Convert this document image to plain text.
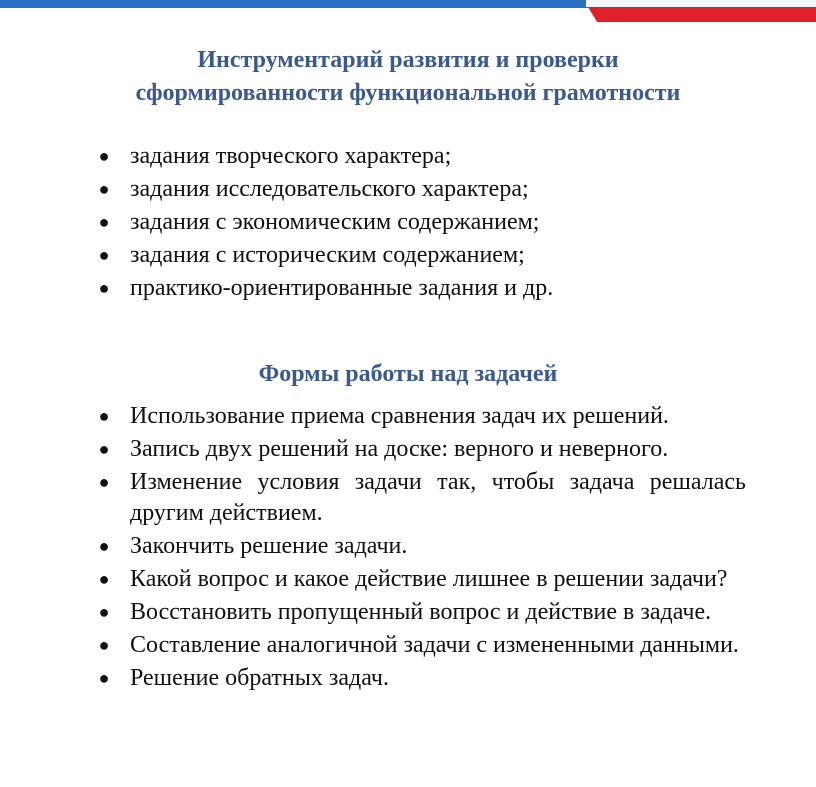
Инструментарий развития и проверки
сформированности функциональной грамотности
● задания творческого характера;
● задания исследовательского характера;
● задания с экономическим содержанием;
● задания с историческим содержанием;
● практико-ориентированные задания и др.
Формы работы над задачей
● Использование приема сравнения задач их решений.
● Запись двух решений на доске: верного и неверного.
● Изменение условия задачи так, чтобы задача решалась другим действием.
● Закончить решение задачи.
● Какой вопрос и какое действие лишнее в решении задачи?
● Восстановить пропущенный вопрос и действие в задаче.
● Составление аналогичной задачи с измененными данными.
● Решение обратных задач.
